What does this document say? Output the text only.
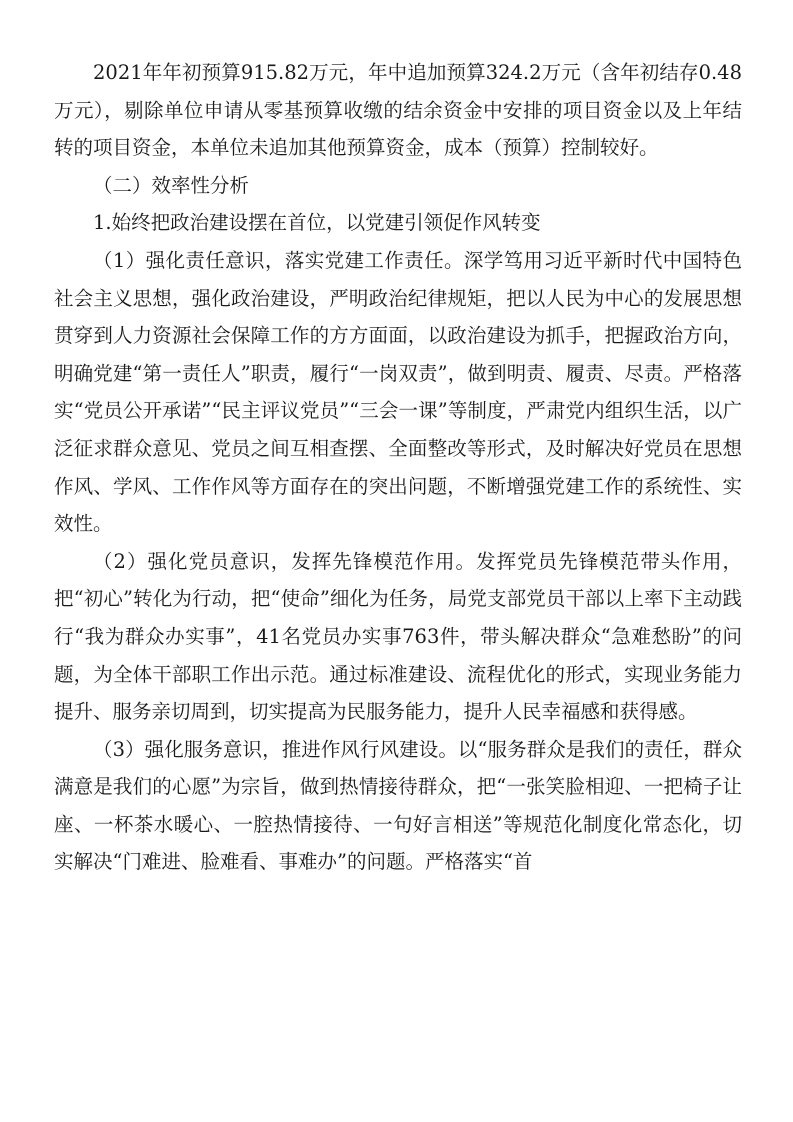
2021年年初预算915.82万元，年中追加预算324.2万元（含年初结存0.48万元），剔除单位申请从零基预算收缴的结余资金中安排的项目资金以及上年结转的项目资金，本单位未追加其他预算资金，成本（预算）控制较好。

（二）效率性分析

1.始终把政治建设摆在首位，以党建引领促作风转变

（1）强化责任意识，落实党建工作责任。深学笃用习近平新时代中国特色社会主义思想，强化政治建设，严明政治纪律规矩，把以人民为中心的发展思想贯穿到人力资源社会保障工作的方方面面，以政治建设为抓手，把握政治方向，明确党建“第一责任人”职责，履行“一岗双责”，做到明责、履责、尽责。严格落实“党员公开承诺”“民主评议党员”“三会一课”等制度，严肃党内组织生活，以广泛征求群众意见、党员之间互相查摆、全面整改等形式，及时解决好党员在思想作风、学风、工作作风等方面存在的突出问题，不断增强党建工作的系统性、实效性。

（2）强化党员意识，发挥先锋模范作用。发挥党员先锋模范带头作用，把“初心”转化为行动，把“使命”细化为任务，局党支部党员干部以上率下主动践行“我为群众办实事”，41名党员办实事763件，带头解决群众“急难愁盼”的问题，为全体干部职工作出示范。通过标准建设、流程优化的形式，实现业务能力提升、服务亲切周到，切实提高为民服务能力，提升人民幸福感和获得感。

（3）强化服务意识，推进作风行风建设。以“服务群众是我们的责任，群众满意是我们的心愿”为宗旨，做到热情接待群众，把“一张笑脸相迎、一把椅子让座、一杯茶水暖心、一腔热情接待、一句好言相送”等规范化制度化常态化，切实解决“门难进、脸难看、事难办”的问题。严格落实“首
